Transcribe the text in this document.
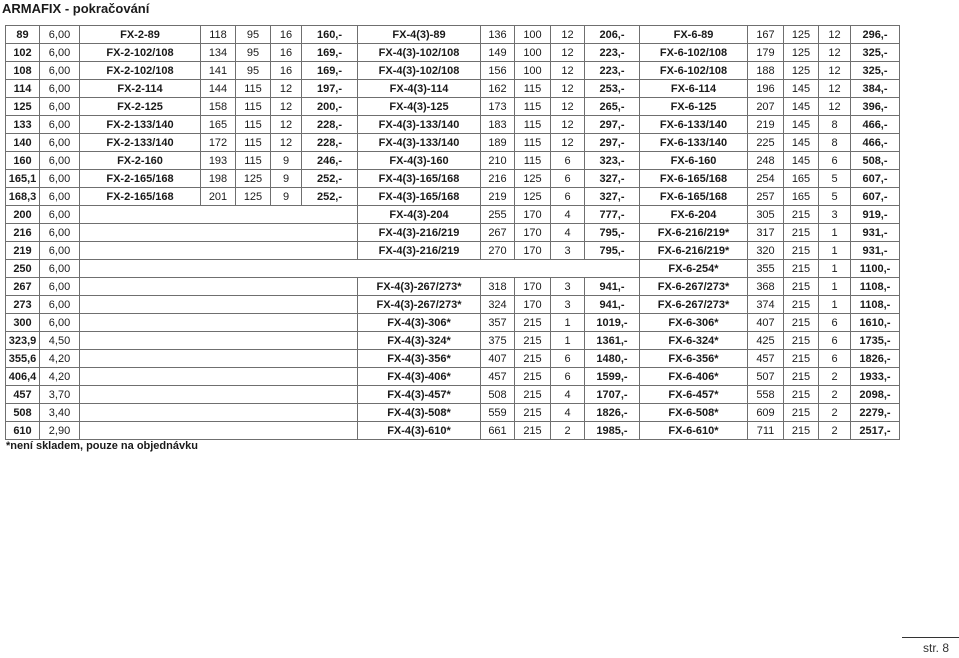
ARMAFIX - pokračování
89	6,00	FX-2-89	118	95	16	160,-	FX-4(3)-89	136	100	12	206,-	FX-6-89	167	125	12	296,-
102	6,00	FX-2-102/108	134	95	16	169,-	FX-4(3)-102/108	149	100	12	223,-	FX-6-102/108	179	125	12	325,-
108	6,00	FX-2-102/108	141	95	16	169,-	FX-4(3)-102/108	156	100	12	223,-	FX-6-102/108	188	125	12	325,-
114	6,00	FX-2-114	144	115	12	197,-	FX-4(3)-114	162	115	12	253,-	FX-6-114	196	145	12	384,-
125	6,00	FX-2-125	158	115	12	200,-	FX-4(3)-125	173	115	12	265,-	FX-6-125	207	145	12	396,-
133	6,00	FX-2-133/140	165	115	12	228,-	FX-4(3)-133/140	183	115	12	297,-	FX-6-133/140	219	145	8	466,-
140	6,00	FX-2-133/140	172	115	12	228,-	FX-4(3)-133/140	189	115	12	297,-	FX-6-133/140	225	145	8	466,-
160	6,00	FX-2-160	193	115	9	246,-	FX-4(3)-160	210	115	6	323,-	FX-6-160	248	145	6	508,-
165,1	6,00	FX-2-165/168	198	125	9	252,-	FX-4(3)-165/168	216	125	6	327,-	FX-6-165/168	254	165	5	607,-
168,3	6,00	FX-2-165/168	201	125	9	252,-	FX-4(3)-165/168	219	125	6	327,-	FX-6-165/168	257	165	5	607,-
200	6,00						FX-4(3)-204	255	170	4	777,-	FX-6-204	305	215	3	919,-
216	6,00						FX-4(3)-216/219	267	170	4	795,-	FX-6-216/219*	317	215	1	931,-
219	6,00						FX-4(3)-216/219	270	170	3	795,-	FX-6-216/219*	320	215	1	931,-
250	6,00											FX-6-254*	355	215	1	1100,-
267	6,00						FX-4(3)-267/273*	318	170	3	941,-	FX-6-267/273*	368	215	1	1108,-
273	6,00						FX-4(3)-267/273*	324	170	3	941,-	FX-6-267/273*	374	215	1	1108,-
300	6,00						FX-4(3)-306*	357	215	1	1019,-	FX-6-306*	407	215	6	1610,-
323,9	4,50						FX-4(3)-324*	375	215	1	1361,-	FX-6-324*	425	215	6	1735,-
355,6	4,20						FX-4(3)-356*	407	215	6	1480,-	FX-6-356*	457	215	6	1826,-
406,4	4,20						FX-4(3)-406*	457	215	6	1599,-	FX-6-406*	507	215	2	1933,-
457	3,70						FX-4(3)-457*	508	215	4	1707,-	FX-6-457*	558	215	2	2098,-
508	3,40						FX-4(3)-508*	559	215	4	1826,-	FX-6-508*	609	215	2	2279,-
610	2,90						FX-4(3)-610*	661	215	2	1985,-	FX-6-610*	711	215	2	2517,-
*není skladem, pouze na objednávku
str. 8
